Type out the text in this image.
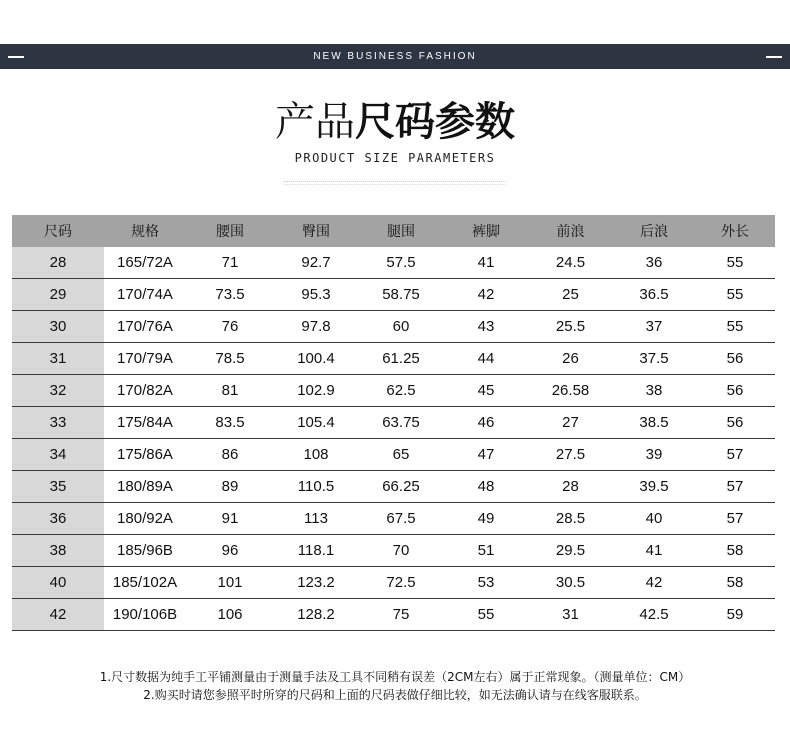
NEW BUSINESS FASHION
产品尺码参数
PRODUCT SIZE PARAMETERS
尺码	规格	腰围	臀围	腿围	裤脚	前浪	后浪	外长
28	165/72A	71	92.7	57.5	41	24.5	36	55
29	170/74A	73.5	95.3	58.75	42	25	36.5	55
30	170/76A	76	97.8	60	43	25.5	37	55
31	170/79A	78.5	100.4	61.25	44	26	37.5	56
32	170/82A	81	102.9	62.5	45	26.58	38	56
33	175/84A	83.5	105.4	63.75	46	27	38.5	56
34	175/86A	86	108	65	47	27.5	39	57
35	180/89A	89	110.5	66.25	48	28	39.5	57
36	180/92A	91	113	67.5	49	28.5	40	57
38	185/96B	96	118.1	70	51	29.5	41	58
40	185/102A	101	123.2	72.5	53	30.5	42	58
42	190/106B	106	128.2	75	55	31	42.5	59
1.尺寸数据为纯手工平铺测量由于测量手法及工具不同稍有误差（2CM左右）属于正常现象。（测量单位：CM）
2.购买时请您参照平时所穿的尺码和上面的尺码表做仔细比较，如无法确认请与在线客服联系。
